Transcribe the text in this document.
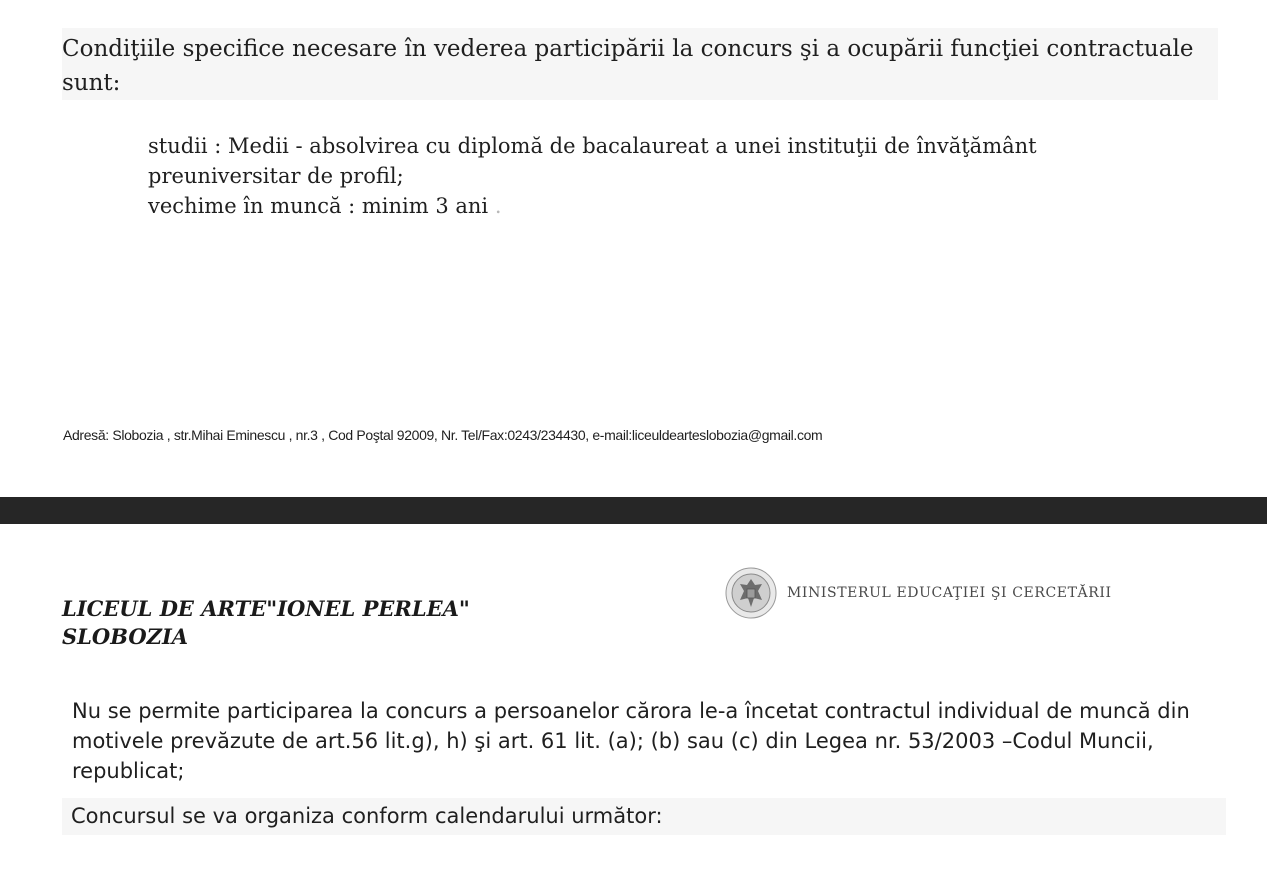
Condiţiile specifice necesare în vederea participării la concurs şi a ocupării funcţiei contractuale sunt:

studii : Medii - absolvirea cu diplomă de bacalaureat a unei instituţii de învăţământ preuniversitar de profil;

vechime în muncă : minim 3 ani .

Adresă: Slobozia , str.Mihai Eminescu , nr.3 , Cod Poştal 92009, Nr. Tel/Fax:0243/234430, e-mail:liceuldearteslobozia@gmail.com
LICEUL DE ARTE"IONEL PERLEA"
SLOBOZIA
MINISTERUL EDUCAŢIEI ŞI CERCETĂRII
Nu se permite participarea la concurs a persoanelor cărora le-a încetat contractul individual de muncă din motivele prevăzute de art.56 lit.g), h) şi art. 61 lit. (a); (b) sau (c) din Legea nr. 53/2003 –Codul Muncii, republicat;
Concursul se va organiza conform calendarului următor:
